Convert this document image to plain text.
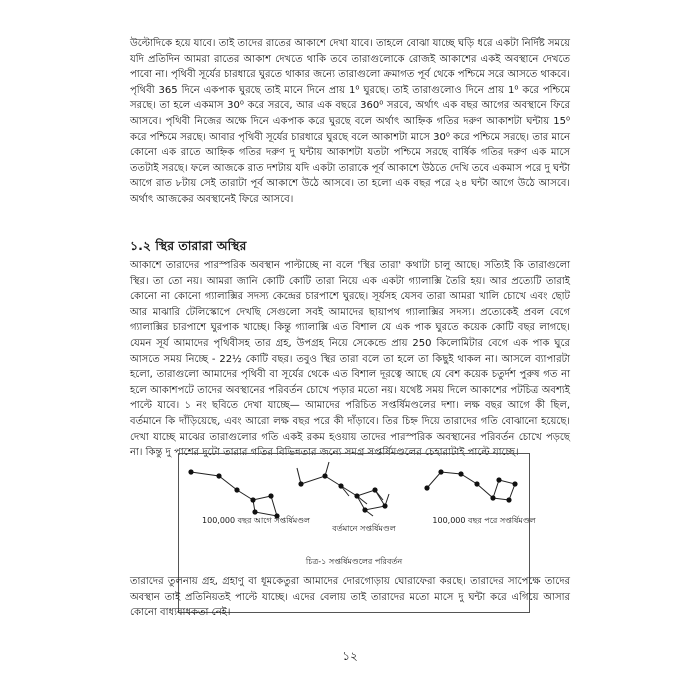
উল্টোদিকে হয়ে যাবে। তাই তাদের রাতের আকাশে দেখা যাবে। তাহলে বোঝা যাচ্ছে ঘড়ি ধরে একটা নির্দিষ্ট সময়ে যদি প্রতিদিন আমরা রাতের আকাশ দেখতে থাকি তবে তারাগুলোকে রোজই আকাশের একই অবস্থানে দেখতে পাবো না। পৃথিবী সূর্যের চারধারে ঘুরতে থাকার জন্যে তারাগুলো ক্রমাগত পূর্ব থেকে পশ্চিমে সরে আসতে থাকবে। পৃথিবী 365 দিনে একপাক ঘুরছে তাই মানে দিনে প্রায় 1⁰ ঘুরছে। তাই তারাগুলোও দিনে প্রায় 1⁰ করে পশ্চিমে সরছে। তা হলে একমাস 30⁰ করে সরবে, আর এক বছরে 360⁰ সরবে, অর্থাৎ এক বছর আগের অবস্থানে ফিরে আসবে। পৃথিবী নিজের অক্ষে দিনে একপাক করে ঘুরছে বলে অর্থাৎ আহ্নিক গতির দরুণ আকাশটা ঘন্টায় 15⁰ করে পশ্চিমে সরছে। আবার পৃথিবী সূর্যের চারধারে ঘুরছে বলে আকাশটা মাসে 30⁰ করে পশ্চিমে সরছে। তার মানে কোনো এক রাতে আহ্নিক গতির দরুণ দু ঘন্টায় আকাশটা যতটা পশ্চিমে সরছে বার্ষিক গতির দরুণ এক মাসে ততটাই সরছে। ফলে আজকে রাত দশটায় যদি একটা তারাকে পূর্ব আকাশে উঠতে দেখি তবে একমাস পরে দু ঘন্টা আগে রাত ৮টায় সেই তারাটা পূর্ব আকাশে উঠে আসবে। তা হলো এক বছর পরে ২৪ ঘন্টা আগে উঠে আসবে। অর্থাৎ আজকের অবস্থানেই ফিরে আসবে।
১.২ স্থির তারারা অস্থির
আকাশে তারাদের পারস্পরিক অবস্থান পাল্টাচ্ছে না বলে 'স্থির তারা' কথাটা চালু আছে। সত্যিই কি তারাগুলো স্থির। তা তো নয়। আমরা জানি কোটি কোটি তারা নিয়ে এক একটা গ্যালাক্সি তৈরি হয়। আর প্রত্যেটি তারাই কোনো না কোনো গ্যালাক্সির সদস্য কেন্দ্রের চারপাশে ঘুরছে। সূর্যসহ যেসব তারা আমরা খালি চোখে এবং ছোট আর মাঝারি টেলিস্কোপে দেখছি সেগুলো সবই আমাদের ছায়াপথ গ্যালাক্সির সদস্য। প্রত্যেকেই প্রবল বেগে গ্যালাক্সির চারপাশে ঘুরপাক খাচ্ছে। কিন্তু গ্যালাক্সি এত বিশাল যে এক পাক ঘুরতে কয়েক কোটি বছর লাগছে। যেমন সূর্য আমাদের পৃথিবীসহ তার গ্রহ, উপগ্রহ নিয়ে সেকেন্ডে প্রায় 250 কিলোমিটার বেগে এক পাক ঘুরে আসতে সময় নিচ্ছে - 22½ কোটি বছর। তবুও স্থির তারা বলে তা হলে তা কিছুই থাকল না। আসলে ব্যাপারটা হলো, তারাগুলো আমাদের পৃথিবী বা সূর্যের থেকে এত বিশাল দূরত্বে আছে যে বেশ কয়েক চতুর্দশ পুরুষ গত না হলে আকাশপটে তাদের অবস্থানের পরিবর্তন চোখে পড়ার মতো নয়। যথেষ্ট সময় দিলে আকাশের পটচিত্র অবশ্যই পাল্টে যাবে। ১ নং ছবিতে দেখা যাচ্ছে— আমাদের পরিচিত সপ্তর্ষিমণ্ডলের দশা। লক্ষ বছর আগে কী ছিল, বর্তমানে কি দাঁড়িয়েছে, এবং আরো লক্ষ বছর পরে কী দাঁড়াবে। তির চিহ্ন দিয়ে তারাদের গতি বোঝানো হয়েছে। দেখা যাচ্ছে মাঝের তারাগুলোর গতি একই রকম হওয়ায় তাদের পারস্পরিক অবস্থানের পরিবর্তন চোখে পড়ছে না। কিন্তু দু পাশের দুটো তারার গতির বিভিন্নতার জন্যে সমগ্র সপ্তর্ষিমণ্ডলের চেহারাটাই পাল্টে যাচ্ছে।
100,000 বছর আগে সপ্তর্ষিমণ্ডল
বর্তমানে সপ্তর্ষিমণ্ডল
100,000 বছর পরে সপ্তর্ষিমণ্ডল
চিত্র-১ সপ্তর্ষিমণ্ডলের পরিবর্তন
তারাদের তুলনায় গ্রহ, গ্রহাণু বা ধূমকেতুরা আমাদের দোরগোড়ায় ঘোরাফেরা করছে। তারাদের সাপেক্ষে তাদের অবস্থান তাই প্রতিনিয়তই পাল্টে যাচ্ছে। এদের বেলায় তাই তারাদের মতো মাসে দু ঘন্টা করে এগিয়ে আসার কোনো বাধ্যবাধকতা নেই।
১২
